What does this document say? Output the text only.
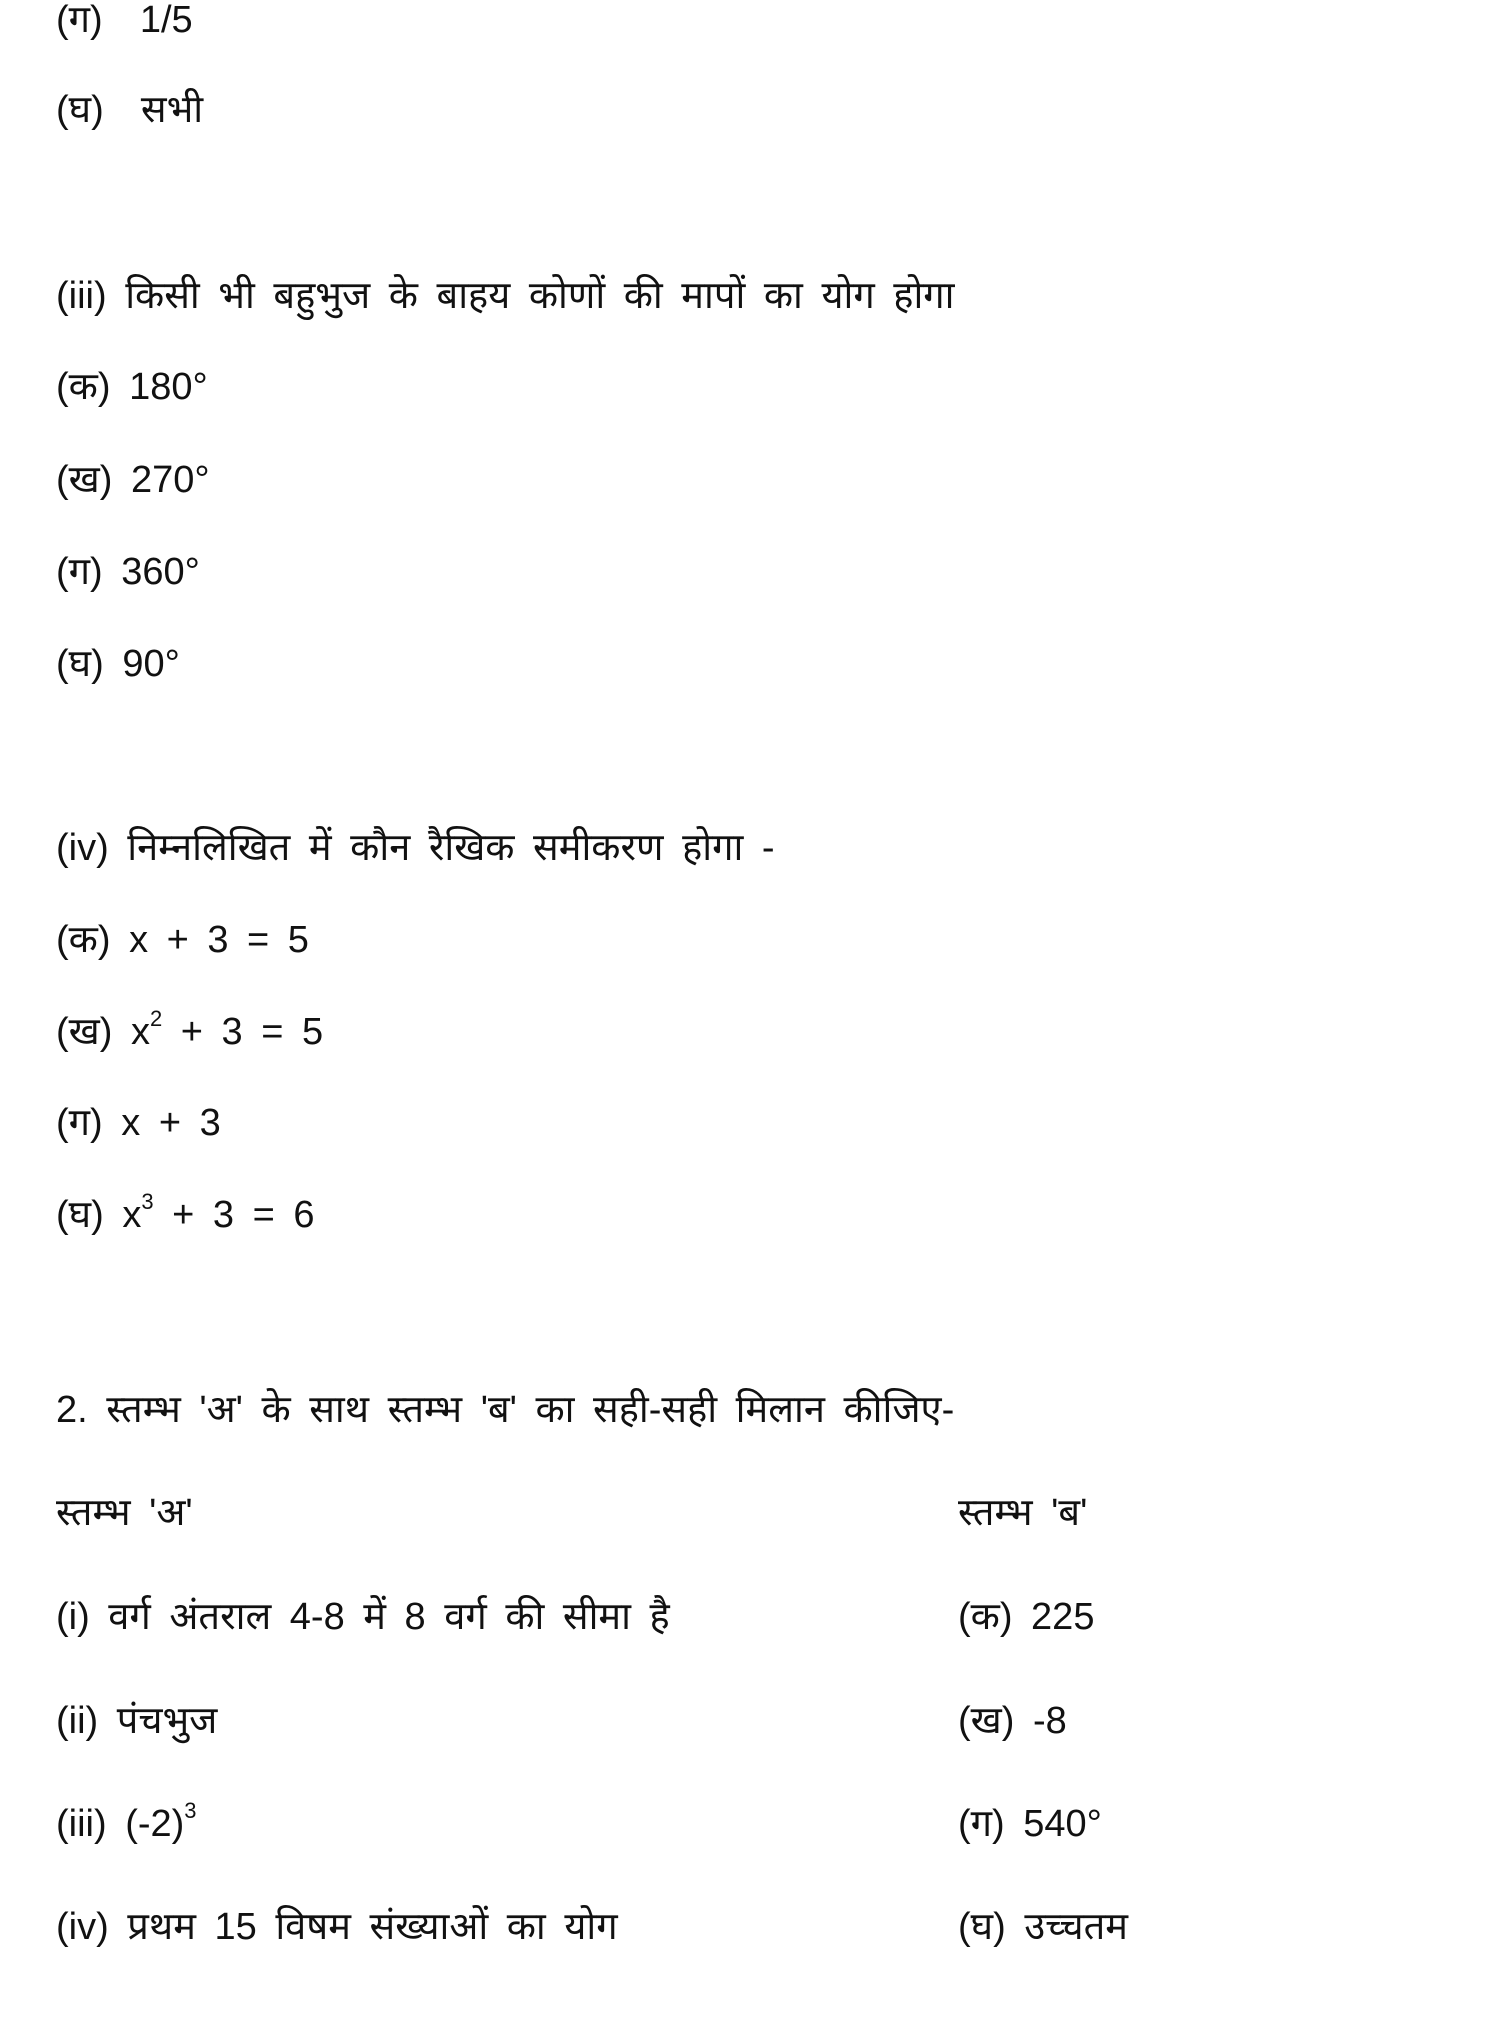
(ग) 1/5
(घ) सभी
(iii) किसी भी बहुभुज के बाहय कोणों की मापों का योग होगा
(क) 180°
(ख) 270°
(ग) 360°
(घ) 90°
(iv) निम्नलिखित में कौन रैखिक समीकरण होगा -
(क) x + 3 = 5
(ख) $x^2 + 3 = 5$
(ग) x + 3
(घ) $x^3 + 3 = 6$
2. स्तम्भ 'अ' के साथ स्तम्भ 'ब' का सही-सही मिलान कीजिए-
स्तम्भ 'अ'	स्तम्भ 'ब'
(i) वर्ग अंतराल 4-8 में 8 वर्ग की सीमा है
(ii) पंचभुज
(iii) $(-2)^3$
(iv) प्रथम 15 विषम संख्याओं का योग
(क) 225
(ख) -8
(ग) 540°
(घ) उच्चतम
